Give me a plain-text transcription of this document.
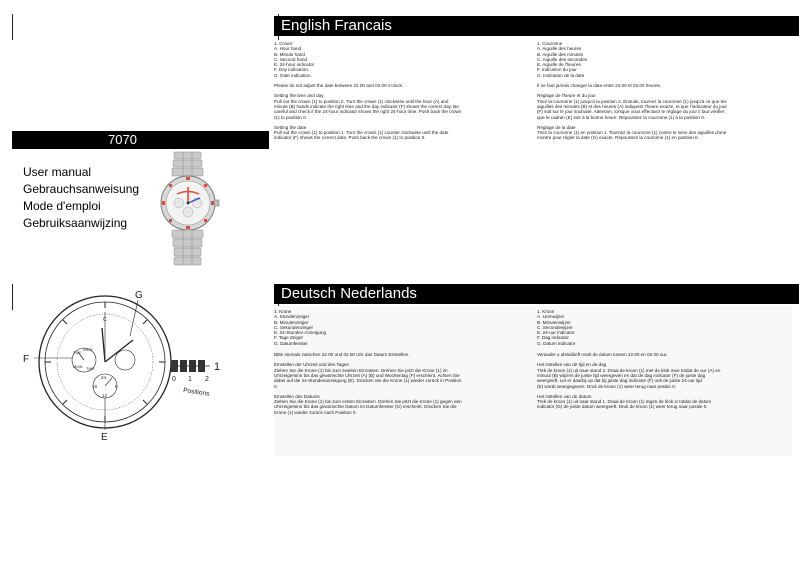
English Francais
1. Crown
A. Hour hand
B. Minute hand
C. Second hand
E. 24-hour indicator
F. Day indication.
G. Date indication.
Please do not adjust the date between 22.00 and 02.00 o'clock.
Setting the time and day
Pull out the crown (1) to position 2. Turn the crown (1) clockwise until the hour (A) and
minute (B) hands indicate the right time and the day indicator (F) shows the correct day. Be
careful and check if the 24-hour indicator shows the right 24-hour time. Push back the crown
(1) to position 0.
Setting the date
Pull out the crown (1) to position 1. Turn the crown (1) counter clockwise until the date
indicator (F) shows the correct date. Push back the crown (1) to position 0.
1. Couronne
A. Aiguille des heures
B. Aiguille des minutes
C. Aiguille des secondes
E. Aiguille de l'heures
F. Indication du jour
G. Indication de la date
Il ne faut jamais changer la date entre 22.00 et 02.00 heures.
Réglage de l'heure et du jour
Tirez la couronne (1) jusqu'à la position 2. Ensuite, tournez la couronne (1) jusqu'à ce que les
aiguilles des minutes (B) et des heures (A) indiquent l'heure exacte, et que l'indicateur du jour
(F) soit sur le jour souhaité. Attention, lorsque vous effectuez le réglage du jour il faut vérifier
que le cadran (E) soit à la bonne heure. Repoussez la couronne (1) à la position 0.
Réglage de la date
Tirez la couronne (1) en position 1. Tournez la couronne (1) contre le sens des aiguilles d'une
montre pour régler la date (G) exacte. Repoussez la couronne (1) en position 0.
7070
User manual
Gebrauchsanweisung
Mode d'emploi
Gebruiksaanwijzing
Deutsch Nederlands
1. Krone
A. Stundenzeiger
B. Minutenzeiger
C. Sekundenzeiger
E. 24-Stunden Anzeigung
F. Tage Zeiger
G. Datumfenster
Bitte niemals zwischen 22.00 und 02.00 Uhr das Datum Einstellen.
Einstellen der Uhrzeit und des Tages
Ziehen Sie die Krone (1) bis zum zweiten Einrasten. Drehen Sie jetzt die Krone (1) im
Uhrzeigersinn bis das gewünschte Uhrzeit (A) (B) und Wochentag (F) erscheint. Achten Sie
dabei auf die 24-Stundenanzeigung (E). Drücken Sie die Krone (1) wieder zurück in Position
0.
Einstellen des Datums
Ziehen Sie die Krone (1) bis zum ersten Einrasten. Drehen Sie jetzt die Krone (1) gegen den
Uhrzeigersinn bis das gewünschte Datum im Datumfenster (G) erscheint. Drücken Sie die
Krone (1) wieder zurück nach Position 0.
1. Kroon
A. Urenwijzer
B. Minutenwijzer
C. Secondewijzer
E. 24-uur indicator
F. Dag indicator
G. Datum indicator
Verander u alstublieft nooit de datum tussen 22.00 en 02.00 uur.
Het instellen van de tijd en de dag
Trek de kroon (1) uit naar stand 2. Draai de kroon (1) met de klok mee totdat de uur (A) en
minuut (B) wijzers de juiste tijd weergeven en dat de dag indicator (F) de juiste dag
weergeeft. Let er daarbij op dat bij juiste dag indicator (F) ook de juiste 24-uur tijd
(E) wordt weergegeven. Druk de kroon (1) weer terug naar positie 0.
Het instellen van de datum
Trek de kroon (1) uit naar stand 1. Draai de kroon (1) tegen de klok in totdat de datum
indicator (G) de juiste datum weergeeft. Druk de kroon (1) weer terug naar positie 0.
G
F
E
C
1
0 1 2
Positions
24
18	6
12
TUE
WED
MON THU
